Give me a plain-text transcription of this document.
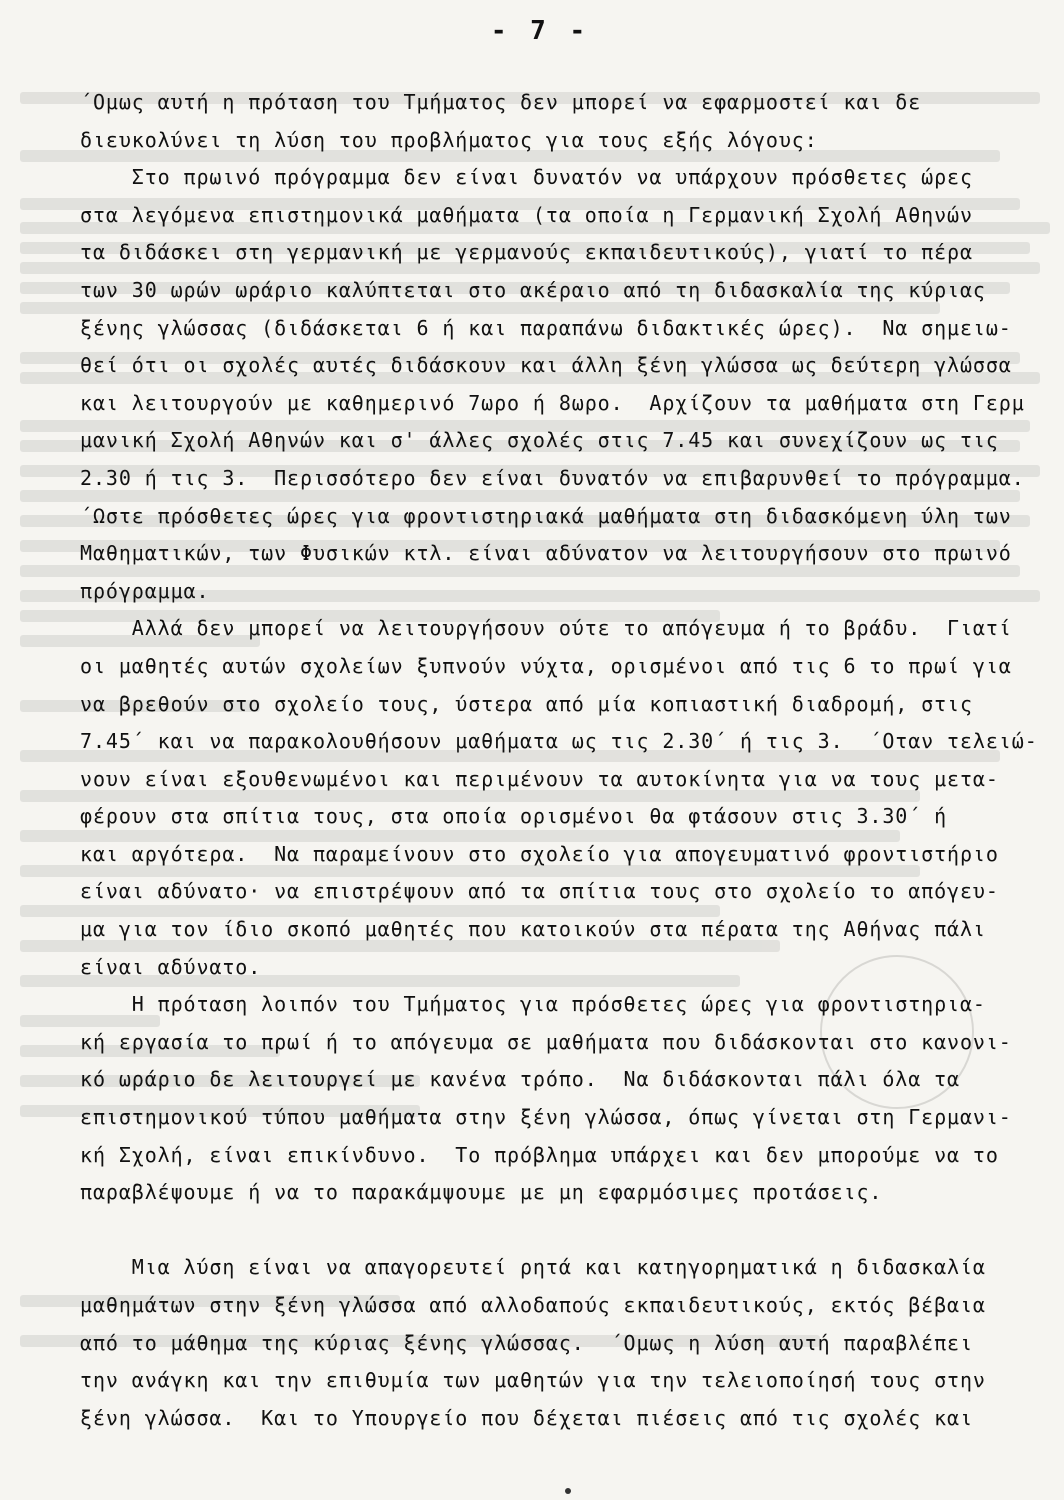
- 7 -
΄Ομως αυτή η πρόταση του Τμήματος δεν μπορεί να εφαρμοστεί και δε
διευκολύνει τη λύση του προβλήματος για τους εξής λόγους:
Στο πρωινό πρόγραμμα δεν είναι δυνατόν να υπάρχουν πρόσθετες ώρες
στα λεγόμενα επιστημονικά μαθήματα (τα οποία η Γερμανική Σχολή Αθηνών
τα διδάσκει στη γερμανική με γερμανούς εκπαιδευτικούς), γιατί το πέρα
των 30 ωρών ωράριο καλύπτεται στο ακέραιο από τη διδασκαλία της κύριας
ξένης γλώσσας (διδάσκεται 6 ή και παραπάνω διδακτικές ώρες).  Να σημειω-
θεί ότι οι σχολές αυτές διδάσκουν και άλλη ξένη γλώσσα ως δεύτερη γλώσσα
και λειτουργούν με καθημερινό 7ωρο ή 8ωρο.  Αρχίζουν τα μαθήματα στη Γερμ
μανική Σχολή Αθηνών και σ' άλλες σχολές στις 7.45 και συνεχίζουν ως τις
2.30 ή τις 3.  Περισσότερο δεν είναι δυνατόν να επιβαρυνθεί το πρόγραμμα.
΄Ωστε πρόσθετες ώρες για φροντιστηριακά μαθήματα στη διδασκόμενη ύλη των
Μαθηματικών, των Φυσικών κτλ. είναι αδύνατον να λειτουργήσουν στο πρωινό
πρόγραμμα.
Αλλά δεν μπορεί να λειτουργήσουν ούτε το απόγευμα ή το βράδυ.  Γιατί
οι μαθητές αυτών σχολείων ξυπνούν νύχτα, ορισμένοι από τις 6 το πρωί για
να βρεθούν στο σχολείο τους, ύστερα από μία κοπιαστική διαδρομή, στις
7.45΄ και να παρακολουθήσουν μαθήματα ως τις 2.30΄ ή τις 3.  ΄Οταν τελειώ-
νουν είναι εξουθενωμένοι και περιμένουν τα αυτοκίνητα για να τους μετα-
φέρουν στα σπίτια τους, στα οποία ορισμένοι θα φτάσουν στις 3.30΄ ή
και αργότερα.  Να παραμείνουν στο σχολείο για απογευματινό φροντιστήριο
είναι αδύνατο· να επιστρέψουν από τα σπίτια τους στο σχολείο το απόγευ-
μα για τον ίδιο σκοπό μαθητές που κατοικούν στα πέρατα της Αθήνας πάλι
είναι αδύνατο.
Η πρόταση λοιπόν του Τμήματος για πρόσθετες ώρες για φροντιστηρια-
κή εργασία το πρωί ή το απόγευμα σε μαθήματα που διδάσκονται στο κανονι-
κό ωράριο δε λειτουργεί με κανένα τρόπο.  Να διδάσκονται πάλι όλα τα
επιστημονικού τύπου μαθήματα στην ξένη γλώσσα, όπως γίνεται στη Γερμανι-
κή Σχολή, είναι επικίνδυνο.  Το πρόβλημα υπάρχει και δεν μπορούμε να το
παραβλέψουμε ή να το παρακάμψουμε με μη εφαρμόσιμες προτάσεις.
Μια λύση είναι να απαγορευτεί ρητά και κατηγορηματικά η διδασκαλία
μαθημάτων στην ξένη γλώσσα από αλλοδαπούς εκπαιδευτικούς, εκτός βέβαια
από το μάθημα της κύριας ξένης γλώσσας.  ΄Ομως η λύση αυτή παραβλέπει
την ανάγκη και την επιθυμία των μαθητών για την τελειοποίησή τους στην
ξένη γλώσσα.  Και το Υπουργείο που δέχεται πιέσεις από τις σχολές και
